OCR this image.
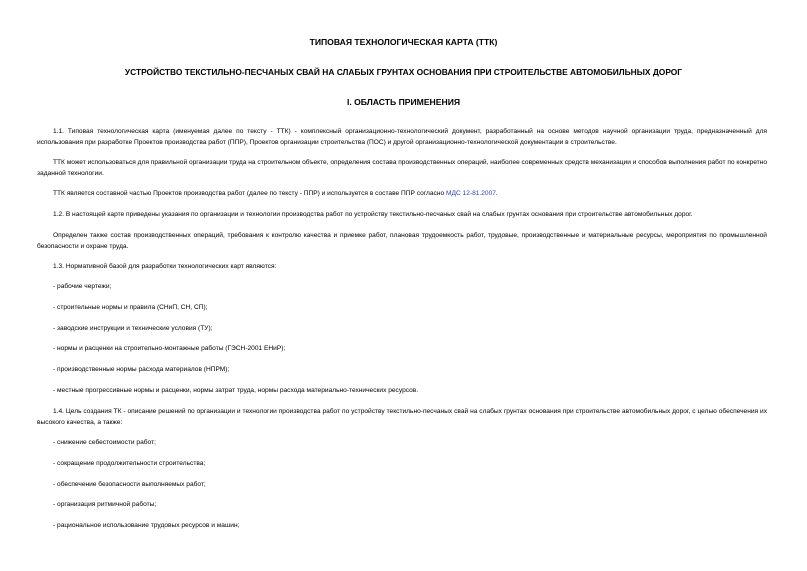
ТИПОВАЯ ТЕХНОЛОГИЧЕСКАЯ КАРТА (ТТК)
УСТРОЙСТВО ТЕКСТИЛЬНО-ПЕСЧАНЫХ СВАЙ НА СЛАБЫХ ГРУНТАХ ОСНОВАНИЯ ПРИ СТРОИТЕЛЬСТВЕ АВТОМОБИЛЬНЫХ ДОРОГ
I. ОБЛАСТЬ ПРИМЕНЕНИЯ
1.1. Типовая технологическая карта (именуемая далее по тексту - ТТК) - комплексный организационно-технологический документ, разработанный на основе методов научной организации труда, предназначенный для использования при разработке Проектов производства работ (ППР), Проектов организации строительства (ПОС) и другой организационно-технологической документации в строительстве.
ТТК может использоваться для правильной организации труда на строительном объекте, определения состава производственных операций, наиболее современных средств механизации и способов выполнения работ по конкретно заданной технологии.
ТТК является составной частью Проектов производства работ (далее по тексту - ППР) и используется в составе ППР согласно МДС 12-81.2007.
1.2. В настоящей карте приведены указания по организации и технологии производства работ по устройству текстильно-песчаных свай на слабых грунтах основания при строительстве автомобильных дорог.
Определен также состав производственных операций, требования к контролю качества и приемке работ, плановая трудоемкость работ, трудовые, производственные и материальные ресурсы, мероприятия по промышленной безопасности и охране труда.
1.3. Нормативной базой для разработки технологических карт являются:
- рабочие чертежи;
- строительные нормы и правила (СНиП, СН, СП);
- заводские инструкции и технические условия (ТУ);
- нормы и расценки на строительно-монтажные работы (ГЭСН-2001 ЕНиР);
- производственные нормы расхода материалов (НПРМ);
- местные прогрессивные нормы и расценки, нормы затрат труда, нормы расхода материально-технических ресурсов.
1.4. Цель создания ТК - описание решений по организации и технологии производства работ по устройству текстильно-песчаных свай на слабых грунтах основания при строительстве автомобильных дорог, с целью обеспечения их высокого качества, а также:
- снижение себестоимости работ;
- сокращение продолжительности строительства;
- обеспечение безопасности выполняемых работ;
- организация ритмичной работы;
- рациональное использование трудовых ресурсов и машин;
